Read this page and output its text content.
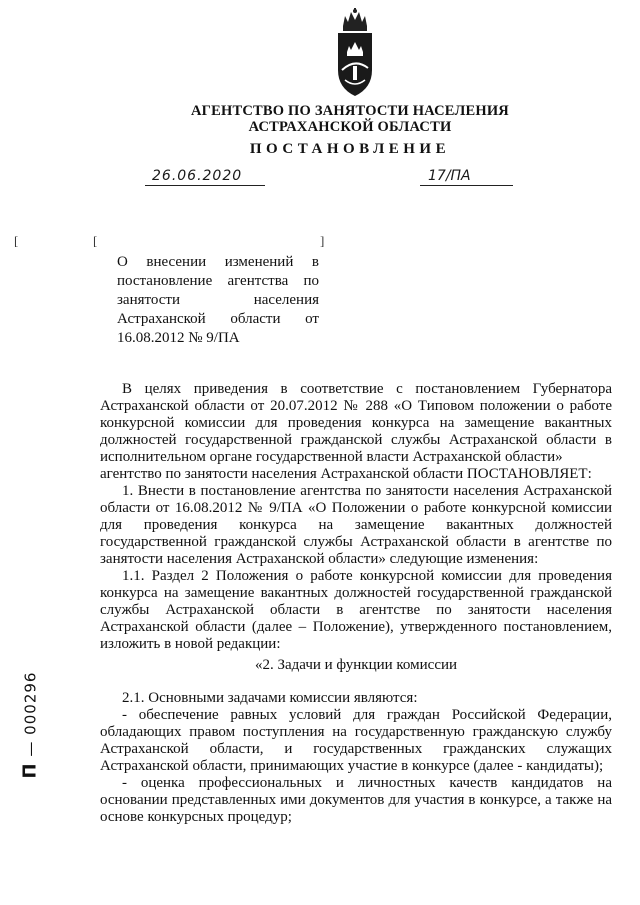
АГЕНТСТВО ПО ЗАНЯТОСТИ НАСЕЛЕНИЯ
АСТРАХАНСКОЙ ОБЛАСТИ
ПОСТАНОВЛЕНИЕ
26.06.2020	17/ПА
[	[	]
О внесении изменений в постановление агентства по занятости населения Астраханской области от 16.08.2012 № 9/ПА

В целях приведения в соответствие с постановлением Губернатора Астраханской области от 20.07.2012 № 288 «О Типовом положении о работе конкурсной комиссии для проведения конкурса на замещение вакантных должностей государственной гражданской службы Астраханской области в исполнительном органе государственной власти Астраханской области»

агентство по занятости населения Астраханской области ПОСТАНОВЛЯЕТ:

1. Внести в постановление агентства по занятости населения Астраханской области от 16.08.2012 № 9/ПА «О Положении о работе конкурсной комиссии для проведения конкурса на замещение вакантных должностей государственной гражданской службы Астраханской области в агентстве по занятости населения Астраханской области» следующие изменения:

1.1. Раздел 2 Положения о работе конкурсной комиссии для проведения конкурса на замещение вакантных должностей государственной гражданской службы Астраханской области в агентстве по занятости населения Астраханской области (далее – Положение), утвержденного постановлением, изложить в новой редакции:

«2. Задачи и функции комиссии

2.1. Основными задачами комиссии являются:

- обеспечение равных условий для граждан Российской Федерации, обладающих правом поступления на государственную гражданскую службу Астраханской области, и государственных гражданских служащих Астраханской области, принимающих участие в конкурсе (далее - кандидаты);

- оценка профессиональных и личностных качеств кандидатов на основании представленных ими документов для участия в конкурсе, а также на основе конкурсных процедур;

П — 000296
